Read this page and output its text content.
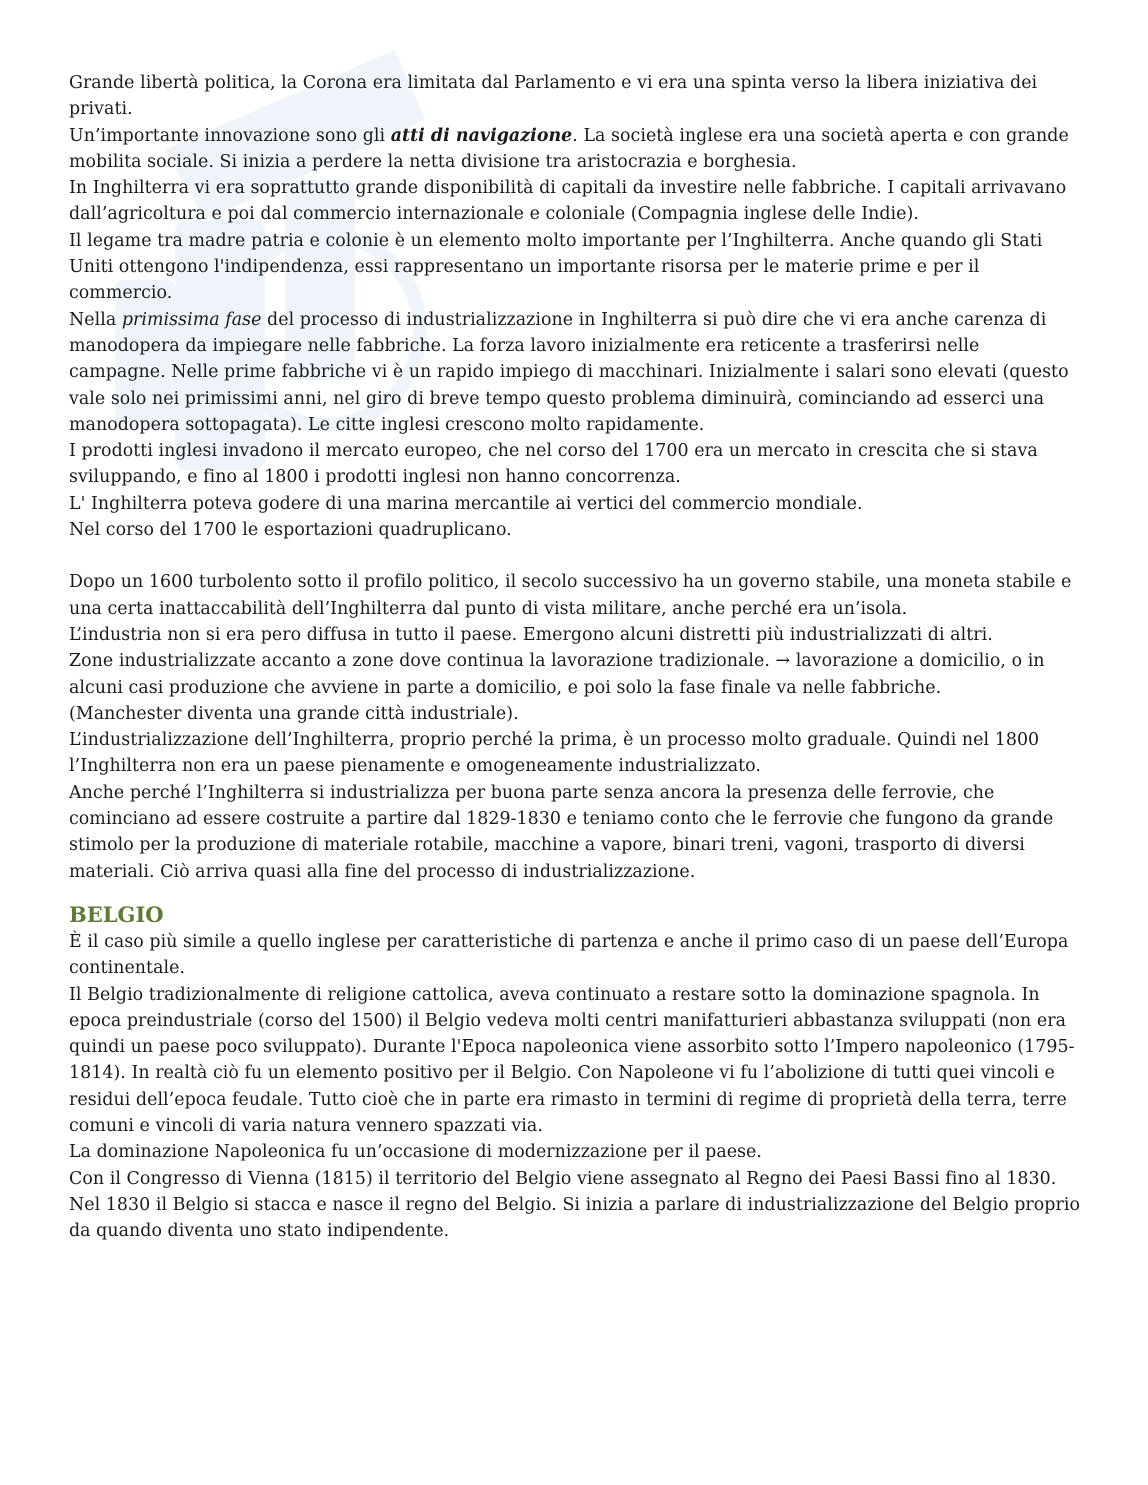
Grande libertà politica, la Corona era limitata dal Parlamento e vi era una spinta verso la libera iniziativa dei privati.

Un’importante innovazione sono gli atti di navigazione. La società inglese era una società aperta e con grande mobilita sociale. Si inizia a perdere la netta divisione tra aristocrazia e borghesia.

In Inghilterra vi era soprattutto grande disponibilità di capitali da investire nelle fabbriche. I capitali arrivavano dall’agricoltura e poi dal commercio internazionale e coloniale (Compagnia inglese delle Indie).

Il legame tra madre patria e colonie è un elemento molto importante per l’Inghilterra. Anche quando gli Stati Uniti ottengono l'indipendenza, essi rappresentano un importante risorsa per le materie prime e per il commercio.

Nella primissima fase del processo di industrializzazione in Inghilterra si può dire che vi era anche carenza di manodopera da impiegare nelle fabbriche. La forza lavoro inizialmente era reticente a trasferirsi nelle campagne. Nelle prime fabbriche vi è un rapido impiego di macchinari. Inizialmente i salari sono elevati (questo vale solo nei primissimi anni, nel giro di breve tempo questo problema diminuirà, cominciando ad esserci una manodopera sottopagata). Le citte inglesi crescono molto rapidamente.

I prodotti inglesi invadono il mercato europeo, che nel corso del 1700 era un mercato in crescita che si stava sviluppando, e fino al 1800 i prodotti inglesi non hanno concorrenza.

L' Inghilterra poteva godere di una marina mercantile ai vertici del commercio mondiale.

Nel corso del 1700 le esportazioni quadruplicano.

Dopo un 1600 turbolento sotto il profilo politico, il secolo successivo ha un governo stabile, una moneta stabile e una certa inattaccabilità dell’Inghilterra dal punto di vista militare, anche perché era un’isola.

L’industria non si era pero diffusa in tutto il paese. Emergono alcuni distretti più industrializzati di altri.

Zone industrializzate accanto a zone dove continua la lavorazione tradizionale. → lavorazione a domicilio, o in alcuni casi produzione che avviene in parte a domicilio, e poi solo la fase finale va nelle fabbriche.

(Manchester diventa una grande città industriale).

L’industrializzazione dell’Inghilterra, proprio perché la prima, è un processo molto graduale. Quindi nel 1800 l’Inghilterra non era un paese pienamente e omogeneamente industrializzato.

Anche perché l’Inghilterra si industrializza per buona parte senza ancora la presenza delle ferrovie, che cominciano ad essere costruite a partire dal 1829-1830 e teniamo conto che le ferrovie che fungono da grande stimolo per la produzione di materiale rotabile, macchine a vapore, binari treni, vagoni, trasporto di diversi materiali. Ciò arriva quasi alla fine del processo di industrializzazione.

BELGIO

È il caso più simile a quello inglese per caratteristiche di partenza e anche il primo caso di un paese dell’Europa continentale.

Il Belgio tradizionalmente di religione cattolica, aveva continuato a restare sotto la dominazione spagnola. In epoca preindustriale (corso del 1500) il Belgio vedeva molti centri manifatturieri abbastanza sviluppati (non era quindi un paese poco sviluppato). Durante l'Epoca napoleonica viene assorbito sotto l’Impero napoleonico (1795-1814). In realtà ciò fu un elemento positivo per il Belgio. Con Napoleone vi fu l’abolizione di tutti quei vincoli e residui dell’epoca feudale. Tutto cioè che in parte era rimasto in termini di regime di proprietà della terra, terre comuni e vincoli di varia natura vennero spazzati via.

La dominazione Napoleonica fu un’occasione di modernizzazione per il paese.

Con il Congresso di Vienna (1815) il territorio del Belgio viene assegnato al Regno dei Paesi Bassi fino al 1830.

Nel 1830 il Belgio si stacca e nasce il regno del Belgio. Si inizia a parlare di industrializzazione del Belgio proprio da quando diventa uno stato indipendente.
